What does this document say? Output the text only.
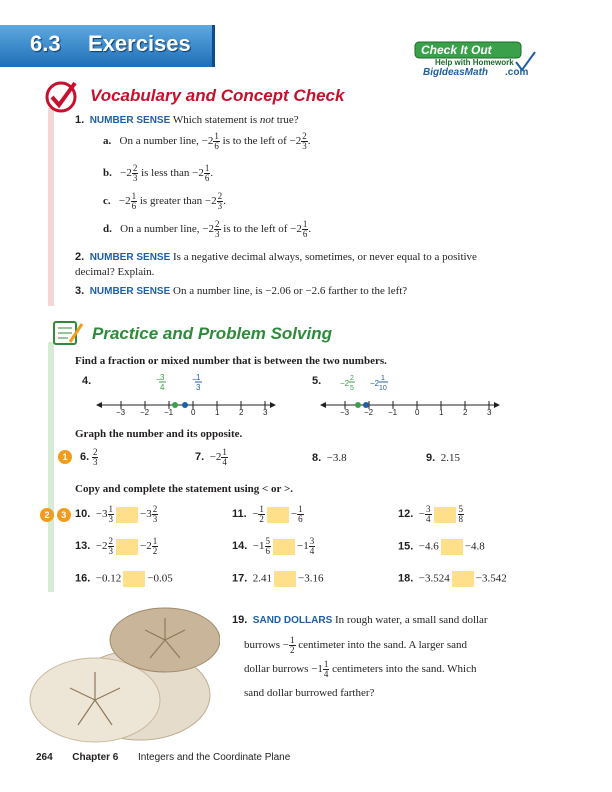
6.3 Exercises	Check It Out
Help with Homework
BigIdeasMath .com
Vocabulary and Concept Check
1. NUMBER SENSE Which statement is not true?
a. On a number line, $-2 \frac{1}{6}$ is to the left of $-2 \frac{2}{3}$ .
b. $-2 \frac{2}{3}$ is less than $-2 \frac{1}{6}$ .
c. $-2 \frac{1}{6}$ is greater than $-2 \frac{2}{3}$ .
d. On a number line, $-2 \frac{2}{3}$ is to the left of $-2 \frac{1}{6}$ .
2. NUMBER SENSE Is a negative decimal always, sometimes, or never equal to a positive decimal? Explain.
3. NUMBER SENSE On a number line, is −2.06 or −2.6 farther to the left?
Practice and Problem Solving
Find a fraction or mixed number that is between the two numbers.
4.	− 3
4
− 1
3
−3 −2 −1 0 1 2 3
5. −2
2
5
−2
1
10
−3 −2 −1 0 1 2 3
Graph the number and its opposite.
1	6. $\frac{2}{3}$	7. $-2 \frac{1}{4}$	8. −3.8	9. 2.15
Copy and complete the statement using < or >.
2 3 10.  $-3 \frac{1}{3} -3 \frac{2}{3}$	11.  − $\frac{1}{2} - \frac{1}{6}$	12.  − $\frac{3}{4}$	$\frac{5}{8}$
13.  $-2 \frac{2}{3} -2 \frac{1}{2}$	14.  $-1 \frac{5}{6} -1 \frac{3}{4}$	15. −4.6 −4.8
16. −0.12 −0.05	17. 2.41 −3.16	18. −3.524 −3.542
19. SAND DOLLARS In rough water, a small sand dollar
burrows − $\frac{1}{2}$ centimeter into the sand. A larger sand
dollar burrows $-1 \frac{1}{4}$ centimeters into the sand. Which
sand dollar burrowed farther?
264 Chapter 6 Integers and the Coordinate Plane
